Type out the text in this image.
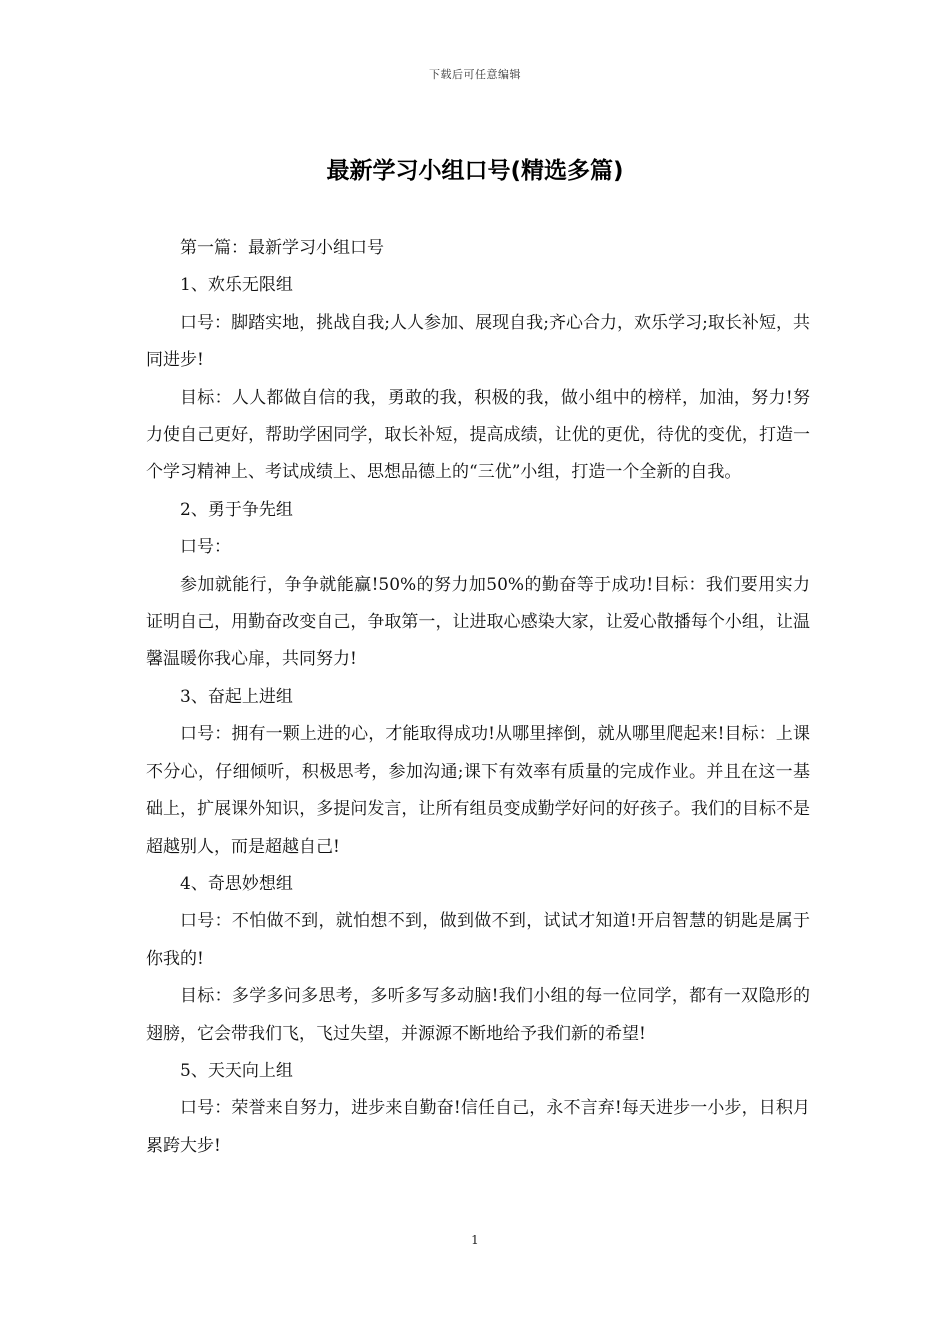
下载后可任意编辑
最新学习小组口号(精选多篇)

第一篇：最新学习小组口号

1、欢乐无限组

口号：脚踏实地，挑战自我;人人参加、展现自我;齐心合力，欢乐学习;取长补短，共同进步!

目标：人人都做自信的我，勇敢的我，积极的我，做小组中的榜样，加油，努力!努力使自己更好，帮助学困同学，取长补短，提高成绩，让优的更优，待优的变优，打造一个学习精神上、考试成绩上、思想品德上的“三优”小组，打造一个全新的自我。

2、勇于争先组

口号：

参加就能行，争争就能赢!50%的努力加50%的勤奋等于成功!目标：我们要用实力证明自己，用勤奋改变自己，争取第一，让进取心感染大家，让爱心散播每个小组，让温馨温暖你我心扉，共同努力!

3、奋起上进组

口号：拥有一颗上进的心，才能取得成功!从哪里摔倒，就从哪里爬起来!目标：上课不分心，仔细倾听，积极思考，参加沟通;课下有效率有质量的完成作业。并且在这一基础上，扩展课外知识，多提问发言，让所有组员变成勤学好问的好孩子。我们的目标不是超越别人，而是超越自己!

4、奇思妙想组

口号：不怕做不到，就怕想不到，做到做不到，试试才知道!开启智慧的钥匙是属于你我的!

目标：多学多问多思考，多听多写多动脑!我们小组的每一位同学，都有一双隐形的翅膀，它会带我们飞，飞过失望，并源源不断地给予我们新的希望!

5、天天向上组

口号：荣誉来自努力，进步来自勤奋!信任自己，永不言弃!每天进步一小步，日积月累跨大步!

1
